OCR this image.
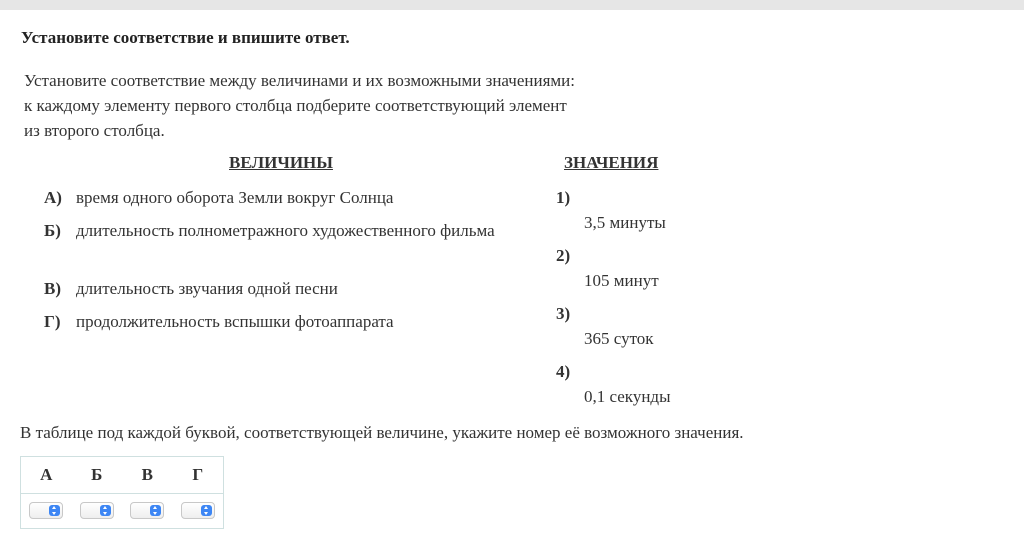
Установите соответствие и впишите ответ.
Установите соответствие между величинами и их возможными значениями:
к каждому элементу первого столбца подберите соответствующий элемент
из второго столбца.
ВЕЛИЧИНЫ	ЗНАЧЕНИЯ
А) время одного оборота Земли вокруг Солнца
Б) длительность полнометражного художественного фильма
В) длительность звучания одной песни
Г) продолжительность вспышки фотоаппарата
1)
3,5 минуты
2)
105 минут
3)
365 суток
4)
0,1 секунды
В таблице под каждой буквой, соответствующей величине, укажите номер её возможного значения.
А	Б	В	Г
